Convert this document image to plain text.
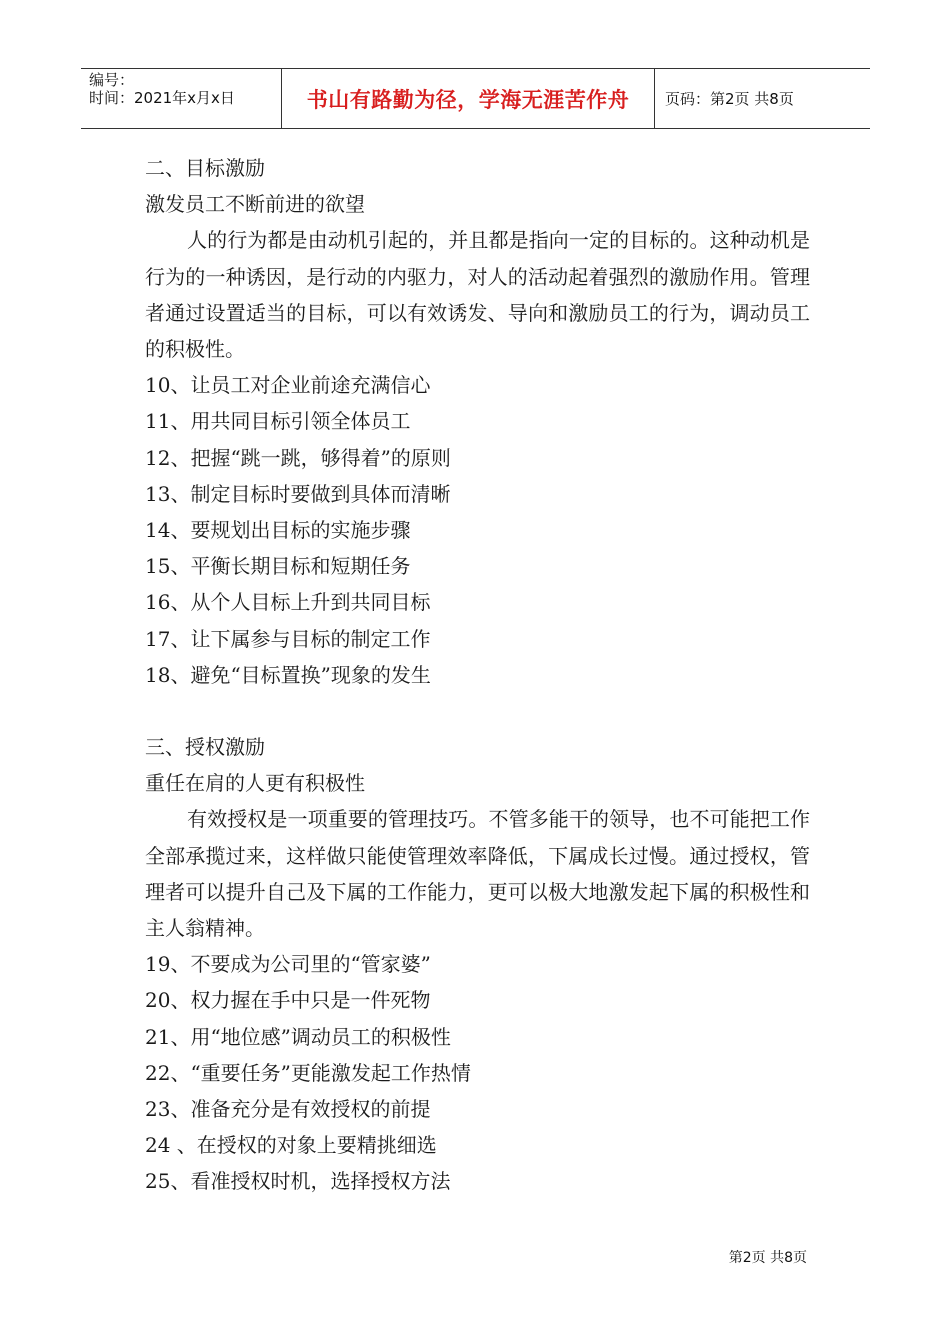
编号：
时间：2021年x月x日	书山有路勤为径，学海无涯苦作舟	页码：第2页 共8页
二、目标激励
激发员工不断前进的欲望
人的行为都是由动机引起的，并且都是指向一定的目标的。这种动机是行为的一种诱因，是行动的内驱力，对人的活动起着强烈的激励作用。管理者通过设置适当的目标，可以有效诱发、导向和激励员工的行为，调动员工的积极性。
10、让员工对企业前途充满信心
11、用共同目标引领全体员工
12、把握“跳一跳，够得着”的原则
13、制定目标时要做到具体而清晰
14、要规划出目标的实施步骤
15、平衡长期目标和短期任务
16、从个人目标上升到共同目标
17、让下属参与目标的制定工作
18、避免“目标置换”现象的发生
三、授权激励
重任在肩的人更有积极性
有效授权是一项重要的管理技巧。不管多能干的领导，也不可能把工作全部承揽过来，这样做只能使管理效率降低，下属成长过慢。通过授权，管理者可以提升自己及下属的工作能力，更可以极大地激发起下属的积极性和主人翁精神。
19、不要成为公司里的“管家婆”
20、权力握在手中只是一件死物
21、用“地位感”调动员工的积极性
22、“重要任务”更能激发起工作热情
23、准备充分是有效授权的前提
24 、在授权的对象上要精挑细选
25、看准授权时机，选择授权方法
第2页 共8页
